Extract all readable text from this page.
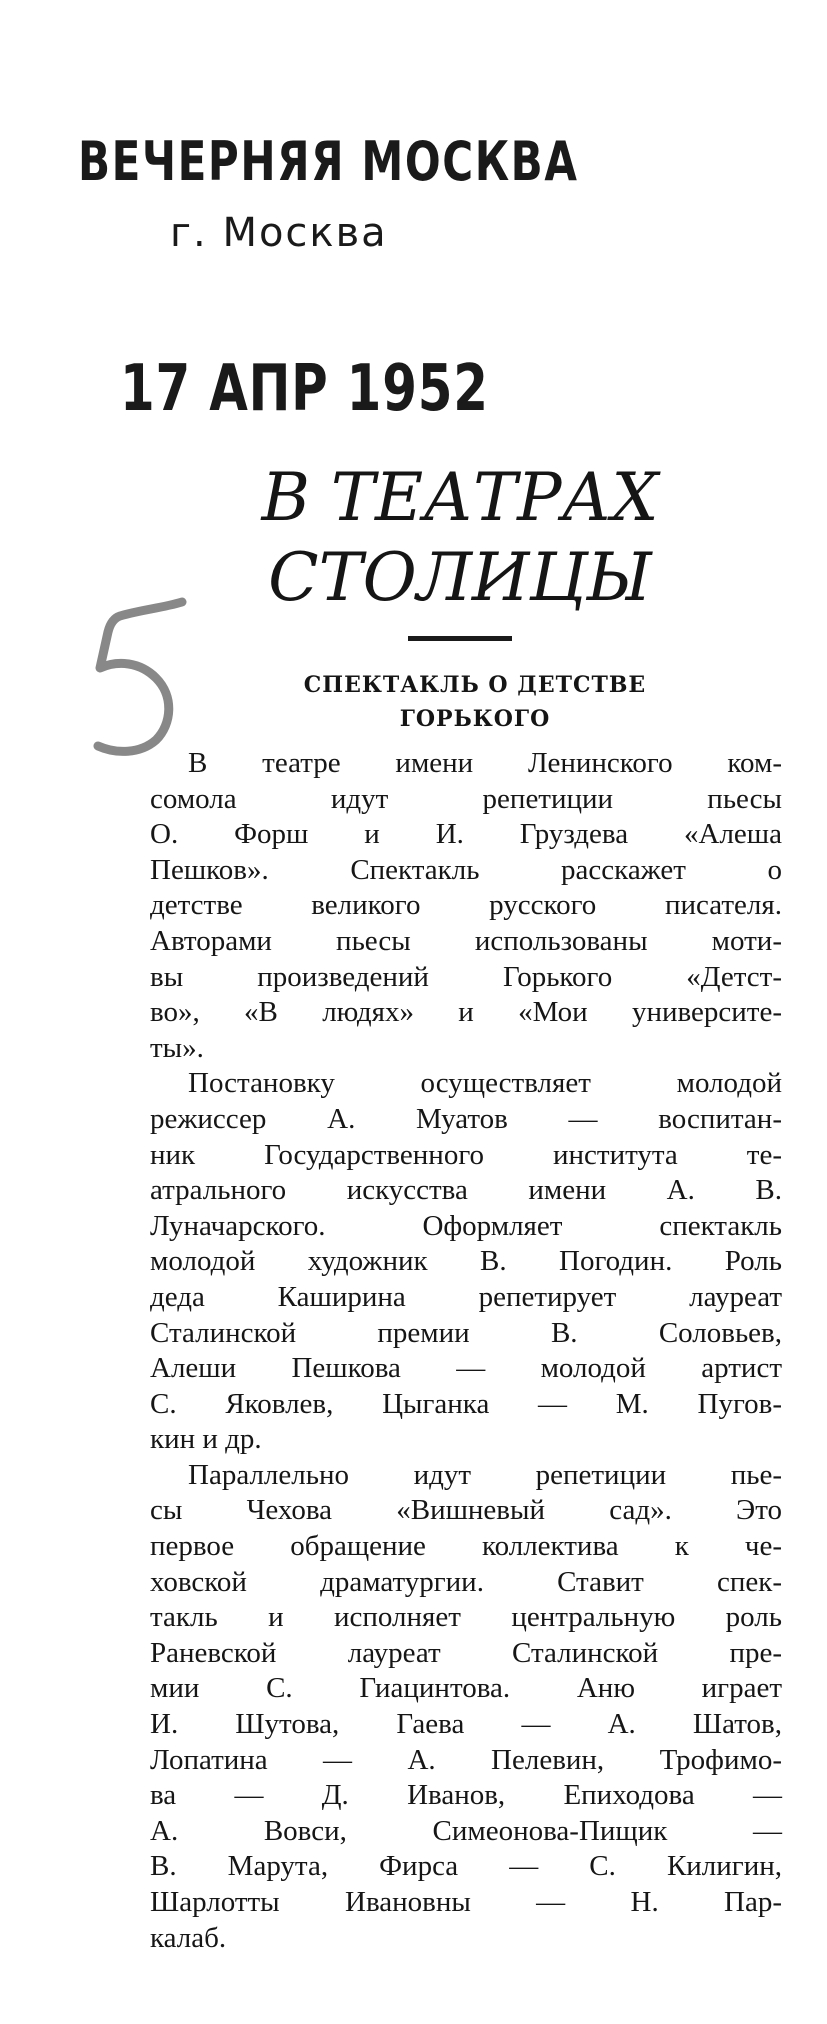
ВЕЧЕРНЯЯ МОСКВА
г. Москва
17 АПР 1952
В ТЕАТРАХ
СТОЛИЦЫ
СПЕКТАКЛЬ О ДЕТСТВЕ
ГОРЬКОГО
В театре имени Ленинского ком-
сомола идут репетиции пьесы
О. Форш и И. Груздева «Алеша
Пешков». Спектакль расскажет о
детстве великого русского писателя.
Авторами пьесы использованы моти-
вы произведений Горького «Детст-
во», «В людях» и «Мои университе-
ты».
Постановку осуществляет молодой
режиссер А. Муатов — воспитан-
ник Государственного института те-
атрального искусства имени А. В.
Луначарского. Оформляет спектакль
молодой художник В. Погодин. Роль
деда Каширина репетирует лауреат
Сталинской премии В. Соловьев,
Алеши Пешкова — молодой артист
С. Яковлев, Цыганка — М. Пугов-
кин и др.
Параллельно идут репетиции пье-
сы Чехова «Вишневый сад». Это
первое обращение коллектива к че-
ховской драматургии. Ставит спек-
такль и исполняет центральную роль
Раневской лауреат Сталинской пре-
мии С. Гиацинтова. Аню играет
И. Шутова, Гаева — А. Шатов,
Лопатина — А. Пелевин, Трофимо-
ва — Д. Иванов, Епиходова —
А. Вовси, Симеонова-Пищик —
В. Марута, Фирса — С. Килигин,
Шарлотты Ивановны — Н. Пар-
калаб.
